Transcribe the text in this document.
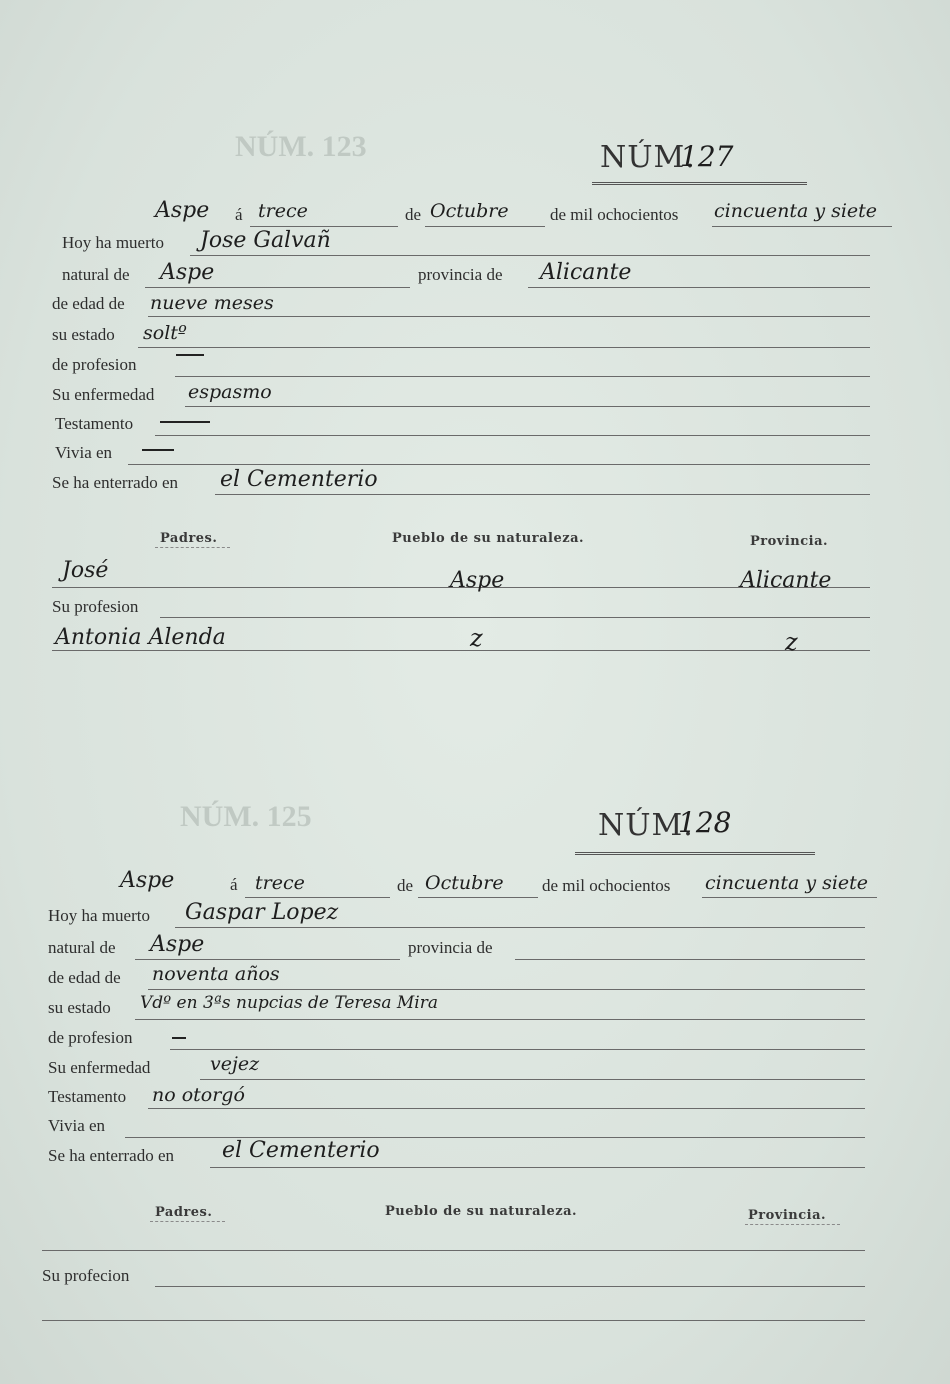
NÚM. 123
NÚM. 125
NÚM.
127
Aspe á trece	de Octubre de mil ochocientos cincuenta y siete
Hoy ha muerto Jose Galvañ
natural de Aspe	provincia de Alicante
de edad de nueve meses
su estado soltº
de profesion
Su enfermedad espasmo
Testamento
Vivia en
Se ha enterrado en el Cementerio
Padres.	Pueblo de su naturaleza.	Provincia.
José	Aspe	Alicante
Su profesion
Antonia Alenda	z	z
NÚM.
128
Aspe	á trece	de Octubre de mil ochocientos cincuenta y siete
Hoy ha muerto Gaspar Lopez
natural de Aspe	provincia de
de edad de noventa años
su estado Vdº en 3ªs nupcias de Teresa Mira
de profesion
Su enfermedad	vejez
Testamento no otorgó
Vivia en
Se ha enterrado en el Cementerio
Padres.	Pueblo de su naturaleza.	Provincia.
Su profecion
